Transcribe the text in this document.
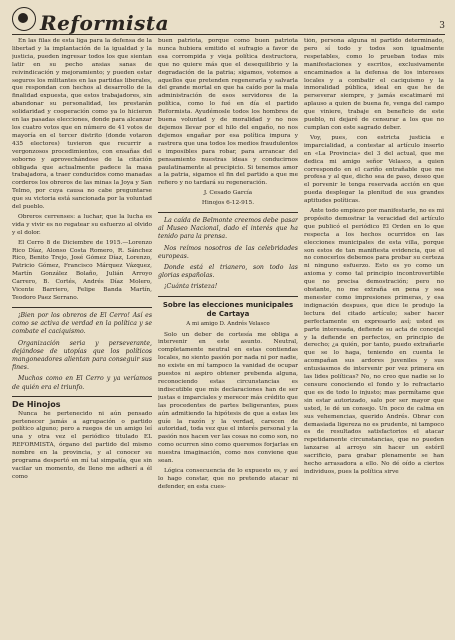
Reformista	3

En las filas de esta liga para la defensa de la libertad y la implantación de la igualdad y la justicia, pueden ingresar todos los que sientan latir en su pecho ansias sanas de reivindicación y mejoramiento; y pueden estar seguros los militantes en las partidas liberales, que respondan con hechos al desarrollo de la finalidad expuesta, que estos trabajadores, sin abandonar su personalidad, les prestarán solidaridad y cooperación como ya lo hicieron en las pasadas elecciones, donde para alcanzar los cuatro votos que en número de 41 votos de mayoría en el tercer distrito (donde votaron 435 electores) tuvieron que recurrir a vergonzosos procedimientos, con ensañas del soborno y aprovechándose de la citación obligada que actualmente padece la masa trabajadora, a traer conducidos como manadas corderos los obreros de las minas la Joya y San Telmo, por cuya causa no cabe preguntarse que su victoria está sancionada por la voluntad del pueblo.

Obreros cerrenses: a luchar, que la lucha es vida y vivir es no regatear su esfuerzo al olvido y el dolor.

El Cerro 8 de Diciembre de 1915.—Lorenzo Rico Díaz, Alonso Costa Romero, R. Sánchez Rico, Benito Trejo, José Gómez Díaz, Lorenzo, Patricio Gómez, Francisco Márquez Vázquez, Martín González Bolaño, Julián Arroyo Carrero, B. Cortés, Andrés Díaz Molero, Vicente Barriero, Felipe Banda Martín, Teodoro Paez Serrano.

¡Bien por los obreros de El Cerro! Así es como se activa de verdad en la política y se combate el caciquismo.

Organización seria y perseverante, dejándose de utopías que los políticos mangoneadores alientan para conseguir sus fines.

Muchos como en El Cerro y ya veríamos de quién era el triunfo.

De Hinojos

Nunca he pertenecido ni aún pensado pertenecer jamás a agrupación o partido político alguno; pero a ruegos de un amigo leí una y otra vez el periódico titulado EL REFORMISTA, órgano del partido del mismo nombre en la provincia, y al conocer su programa despertó en mí tal simpatía, que sin vacilar un momento, de lleno me adherí a él como

buen patriota, porque como buen patriota nunca hubiera emitido el sufragio a favor de esa corrompida y vieja política destructora, que no quiere más que el desequilibrio y la degradación de la patria; sigamos, votemos a aquellos que pretenden regenerarla y salvarla del grande mortal en que ha caído por la mala administración de esos servidores de la política, como lo fué en día el partido Reformista. Ayudémosle todos los hombres de buena voluntad y de moralidad y no nos dejemos llevar por el hilo del engaño, no nos dejemos engañar por esa política impura y rastrera que una todos los medios fraudulentos e imposibles para robar, para arrancar del pensamiento nuestras ideas y conducirnos paulatinamente al precipicio. Si tenemos amor a la patria, sigamos el fin del partido a que me refiero y no tardará su regeneración.

J. Cesado García
Hinojos 6-12-915.

La caída de Belmonte creemos debe pasar al Museo Nacional, dado el interés que ha tenido para la prensa.

Nos reímos nosotros de las celebridades europeas.

Donde está el trianero, son todo las glorias españolas.

¡Cuánta tristeza!

Sobre las elecciones municipales de Cartaya
A mi amigo D. Andrés Velasco

Solo un deber de cortesía me obliga a intervenir en este asunto. Neutral, completamente neutral en estas contiendas locales, no siento pasión por nada ni por nadie, no existe en mí tampoco la vanidad de ocupar puestos ni aspiro obtener prebenda alguna, reconociendo estas circunstancias es indiscutible que mis declaraciones han de ser justas e imparciales y merecer más crédito que las procedentes de partes beligerantes, pues aún admitiendo la hipótesis de que a estas les guíe la razón y la verdad, carecen de autoridad, toda vez que el interés personal y la pasión nos hacen ver las cosas no como son, no como ocurren sino como queremos forjarlas en nuestra imaginación, como nos conviene que sean.

Lógica consecuencia de lo expuesto es, y así lo hago constar, que no pretendo atacar ni defender, en esta cues-

tión, persona alguna ni partido determinado, pero sí todo y todos son igualmente respetables, como lo prueban todas mis manifestaciones y escritos, exclusivamente encaminados a la defensa de los intereses locales y a combatir el caciquismo y la inmoralidad pública, ideal en que he de perseverar siempre, y jamás escatimaré mi aplauso a quien de buena fe, venga del campo que viniere, trabaje en beneficio de este pueblo, ni dejaré de censurar a los que no cumplan con este sagrado deber.

Voy, pues, con estricta justicia e imparcialidad, a contestar al artículo inserto en «La Provincia» del 3 del actual, que me dedica mi amigo señor Velasco, a quien correspondo en el cariño entrañable que me profesa y al que, dicho sea de paso, deseo que el porvenir le tenga reservada acción en que pueda desplegar la plenitud de sus grandes aptitudes políticas.

Ante todo empiezo por manifestarle, no es mi propósito demostrar la veracidad del artículo que publicó el periódico El Orden en lo que respecta a los hechos ocurridos en las elecciones municipales de esta villa, porque son estos de tan manifiesta evidencia, que el no conocerlos debemos para probar su certeza ni ninguno esfuerzo. Esto es yo como un axioma y como tal principio incontrovertible que no precisa demostración; pero no obstante, no me extraña en pena y sea menester como impresiones primeras, y esa indignación despues, que dice le produjo la lectura del citado artículo; saber hacer perfectamente en expresarlo así; usted es parte interesada, defiende su acta de concejal y la defiende en perfectos, en principio de derecho; ¿a quién, por tanto, puedo extrañarle que se lo haga, teniendo en cuenta le acompañan sus ardores juveniles y sus entusiasmos de intervenir por vez primera en las lides políticas? No, no creo que nadie se lo censure conociendo el fondo y lo refractario que es de todo lo injusto; mas permítame que sin estar autorizado, salo por ser mayor que usted, le dé un consejo. Un poco de calma en sus vehemencias, querido Andrés. Obrar con demasiada ligereza no es prudente, ni tampoco es de resultados satisfactorios el atacar repetidamente circunstancias, que no pueden lanzarse al arroyo sin hacer un estéril sacrificio, para grabar plenamente se han hecho arrasadora a ello. No dé oído a ciertos individuos, pues la política sirve
